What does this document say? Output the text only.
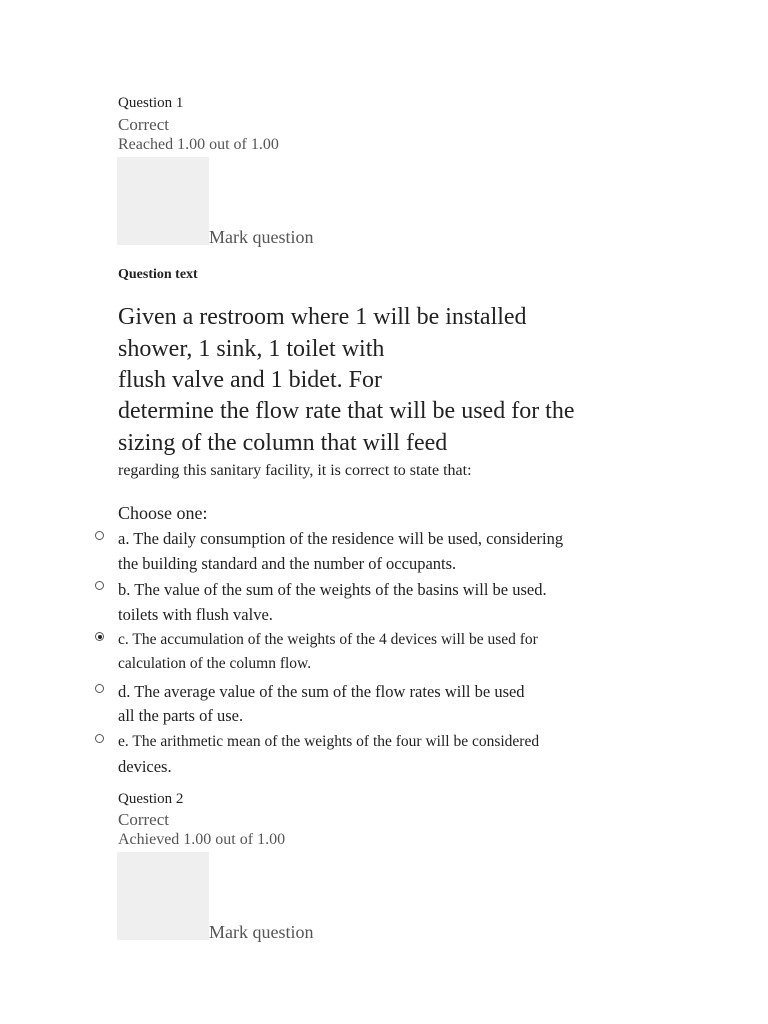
Question 1
Correct
Reached 1.00 out of 1.00
Mark question
Question text
Given a restroom where 1 will be installed
shower, 1 sink, 1 toilet with
flush valve and 1 bidet. For
determine the flow rate that will be used for the
sizing of the column that will feed
regarding this sanitary facility, it is correct to state that:
Choose one:
a. The daily consumption of the residence will be used, considering
the building standard and the number of occupants.
b. The value of the sum of the weights of the basins will be used.
toilets with flush valve.
c. The accumulation of the weights of the 4 devices will be used for
calculation of the column flow.
d. The average value of the sum of the flow rates will be used
all the parts of use.
e. The arithmetic mean of the weights of the four will be considered
devices.
Question 2
Correct
Achieved 1.00 out of 1.00
Mark question
